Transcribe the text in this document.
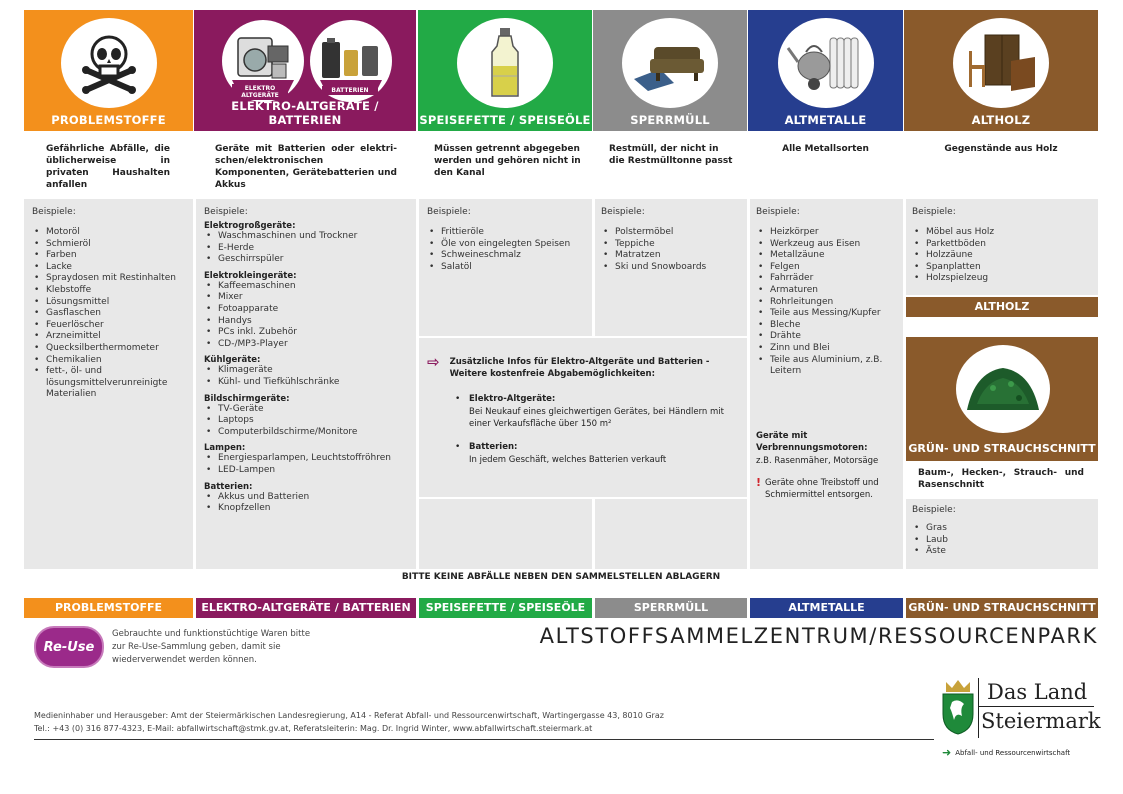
PROBLEMSTOFFE
ELEKTRO ALTGERÄTE
BATTERIEN
ELEKTRO-ALTGERÄTE / BATTERIEN	SPEISEFETTE / SPEISEÖLE	SPERRMÜLL	ALTMETALLE	ALTHOLZ
Gefährliche Abfälle, die üblicherweise in privaten Haushalten anfallen
Geräte mit Batterien oder elektri-schen/elektronischen Komponenten, Gerätebatterien und Akkus
Müssen getrennt abgegeben werden und gehören nicht in den Kanal
Restmüll, der nicht in die Restmülltonne passt
Alle Metallsorten	Gegenstände aus Holz
Beispiele:
• Motoröl
• Schmieröl
• Farben
• Lacke
• Spraydosen mit Restinhalten
• Klebstoffe
• Lösungsmittel
• Gasflaschen
• Feuerlöscher
• Arzneimittel
• Quecksilberthermometer
• Chemikalien
• fett-, öl- und lösungsmittelverunreinigte Materialien
Beispiele:
Elektrogroßgeräte:
• Waschmaschinen und Trockner
• E-Herde
• Geschirrspüler
Elektrokleingeräte:
• Kaffeemaschinen
• Mixer
• Fotoapparate
• Handys
• PCs inkl. Zubehör
• CD-/MP3-Player
Kühlgeräte:
• Klimageräte
• Kühl- und Tiefkühlschränke
Bildschirmgeräte:
• TV-Geräte
• Laptops
• Computerbildschirme/Monitore
Lampen:
• Energiesparlampen, Leuchtstoffröhren
• LED-Lampen
Batterien:
• Akkus und Batterien
• Knopfzellen
Beispiele:
• Frittieröle
• Öle von eingelegten Speisen
• Schweineschmalz
• Salatöl
Beispiele:
• Polstermöbel
• Teppiche
• Matratzen
• Ski und Snowboards
⇨ Zusätzliche Infos für Elektro-Altgeräte und Batterien - Weitere kostenfreie Abgabemöglichkeiten:
• Elektro-Altgeräte:
Bei Neukauf eines gleichwertigen Gerätes, bei Händlern mit einer Verkaufsfläche über 150 m²
• Batterien:
In jedem Geschäft, welches Batterien verkauft
Beispiele:
• Heizkörper
• Werkzeug aus Eisen
• Metallzäune
• Felgen
• Fahrräder
• Armaturen
• Rohrleitungen
• Teile aus Messing/Kupfer
• Bleche
• Drähte
• Zinn und Blei
• Teile aus Aluminium, z.B. Leitern
Geräte mit Verbrennungsmotoren:
z.B. Rasenmäher, Motorsäge
! Geräte ohne Treibstoff und Schmiermittel entsorgen.
Beispiele:
• Möbel aus Holz
• Parkettböden
• Holzzäune
• Spanplatten
• Holzspielzeug
ALTHOLZ
GRÜN- UND STRAUCHSCHNITT
Baum-, Hecken-, Strauch- und Rasenschnitt
Beispiele:
• Gras
• Laub
• Äste
BITTE KEINE ABFÄLLE NEBEN DEN SAMMELSTELLEN ABLAGERN
PROBLEMSTOFFE	ELEKTRO-ALTGERÄTE / BATTERIEN	SPEISEFETTE / SPEISEÖLE	SPERRMÜLL	ALTMETALLE	GRÜN- UND STRAUCHSCHNITT
Re-Use
Gebrauchte und funktionstüchtige Waren bitte zur Re-Use-Sammlung geben, damit sie wiederverwendet werden können.
ALTSTOFFSAMMELZENTRUM/RESSOURCENPARK
Medieninhaber und Herausgeber: Amt der Steiermärkischen Landesregierung, A14 - Referat Abfall- und Ressourcenwirtschaft, Wartingergasse 43, 8010 Graz
Tel.: +43 (0) 316 877-4323, E-Mail: abfallwirtschaft@stmk.gv.at, Referatsleiterin: Mag. Dr. Ingrid Winter, www.abfallwirtschaft.steiermark.at
Das Land
Steiermark
➜ Abfall- und Ressourcenwirtschaft
